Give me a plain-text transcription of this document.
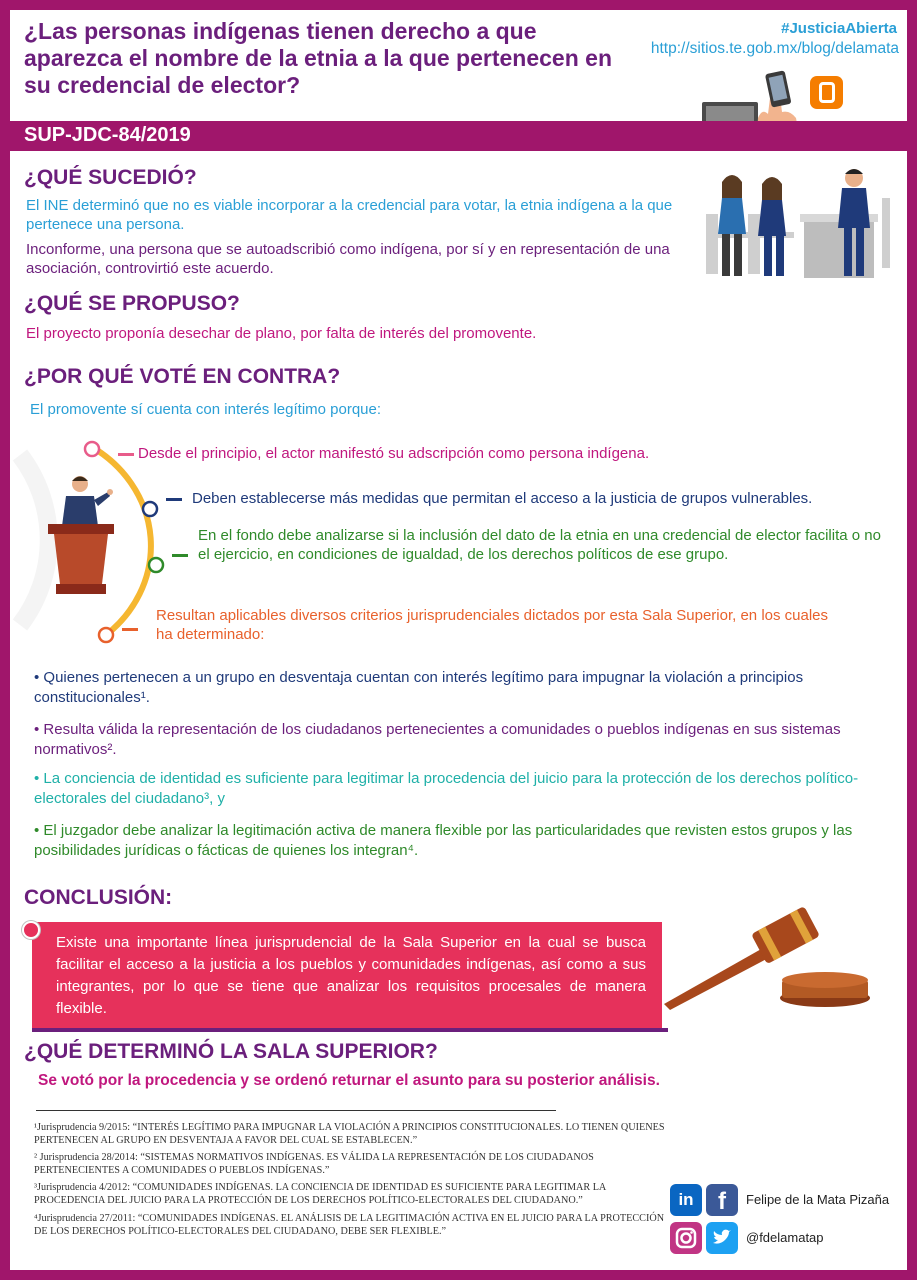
¿Las personas indígenas tienen derecho a que aparezca el nombre de la etnia a la que pertenecen en su credencial de elector?
#JusticiaAbierta
http://sitios.te.gob.mx/blog/delamata
SUP-JDC-84/2019
¿QUÉ SUCEDIÓ?
El INE determinó que no es viable incorporar a la credencial para votar, la etnia indígena a la que pertenece una persona.
Inconforme, una persona que se autoadscribió como indígena, por sí y en representación de una asociación, controvirtió este acuerdo.
¿QUÉ SE PROPUSO?
El proyecto proponía desechar de plano, por falta de interés del promovente.
¿POR QUÉ VOTÉ EN CONTRA?
El promovente sí cuenta con interés legítimo porque:
Desde el principio, el actor manifestó su adscripción como persona indígena.
Deben establecerse más medidas que permitan el acceso a la justicia de grupos vulnerables.
En el fondo debe analizarse si la inclusión del dato de la etnia en una credencial de elector facilita o no el ejercicio, en condiciones de igualdad, de los derechos políticos de ese grupo.
Resultan aplicables diversos criterios jurisprudenciales dictados por esta Sala Superior, en los cuales ha determinado:
• Quienes pertenecen a un grupo en desventaja cuentan con interés legítimo para impugnar la violación a principios constitucionales¹.
• Resulta válida la representación de los ciudadanos pertenecientes a comunidades o pueblos indígenas en sus sistemas normativos².
• La conciencia de identidad es suficiente para legitimar la procedencia del juicio para la protección de los derechos político-electorales del ciudadano³, y
• El juzgador debe analizar la legitimación activa de manera flexible por las particularidades que revisten estos grupos y las posibilidades jurídicas o fácticas de quienes los integran⁴.
CONCLUSIÓN:
Existe una importante línea jurisprudencial de la Sala Superior en la cual se busca facilitar el acceso a la justicia a los pueblos y comunidades indígenas, así como a sus integrantes, por lo que se tiene que analizar los requisitos procesales de manera flexible.
¿QUÉ DETERMINÓ LA SALA SUPERIOR?
Se votó por la procedencia y se ordenó returnar el asunto para su posterior análisis.
¹Jurisprudencia 9/2015: “INTERÉS LEGÍTIMO PARA IMPUGNAR LA VIOLACIÓN A PRINCIPIOS CONSTITUCIONALES. LO TIENEN QUIENES PERTENECEN AL GRUPO EN DESVENTAJA A FAVOR DEL CUAL SE ESTABLECEN.”
² Jurisprudencia 28/2014: “SISTEMAS NORMATIVOS INDÍGENAS. ES VÁLIDA LA REPRESENTACIÓN DE LOS CIUDADANOS PERTENECIENTES A COMUNIDADES O PUEBLOS INDÍGENAS.”
³Jurisprudencia 4/2012: “COMUNIDADES INDÍGENAS. LA CONCIENCIA DE IDENTIDAD ES SUFICIENTE PARA LEGITIMAR LA PROCEDENCIA DEL JUICIO PARA LA PROTECCIÓN DE LOS DERECHOS POLÍTICO-ELECTORALES DEL CIUDADANO.”
⁴Jurisprudencia 27/2011: “COMUNIDADES INDÍGENAS. EL ANÁLISIS DE LA LEGITIMACIÓN ACTIVA EN EL JUICIO PARA LA PROTECCIÓN DE LOS DERECHOS POLÍTICO-ELECTORALES DEL CIUDADANO, DEBE SER FLEXIBLE.”
in	f	Felipe de la Mata Pizaña
@fdelamatap
